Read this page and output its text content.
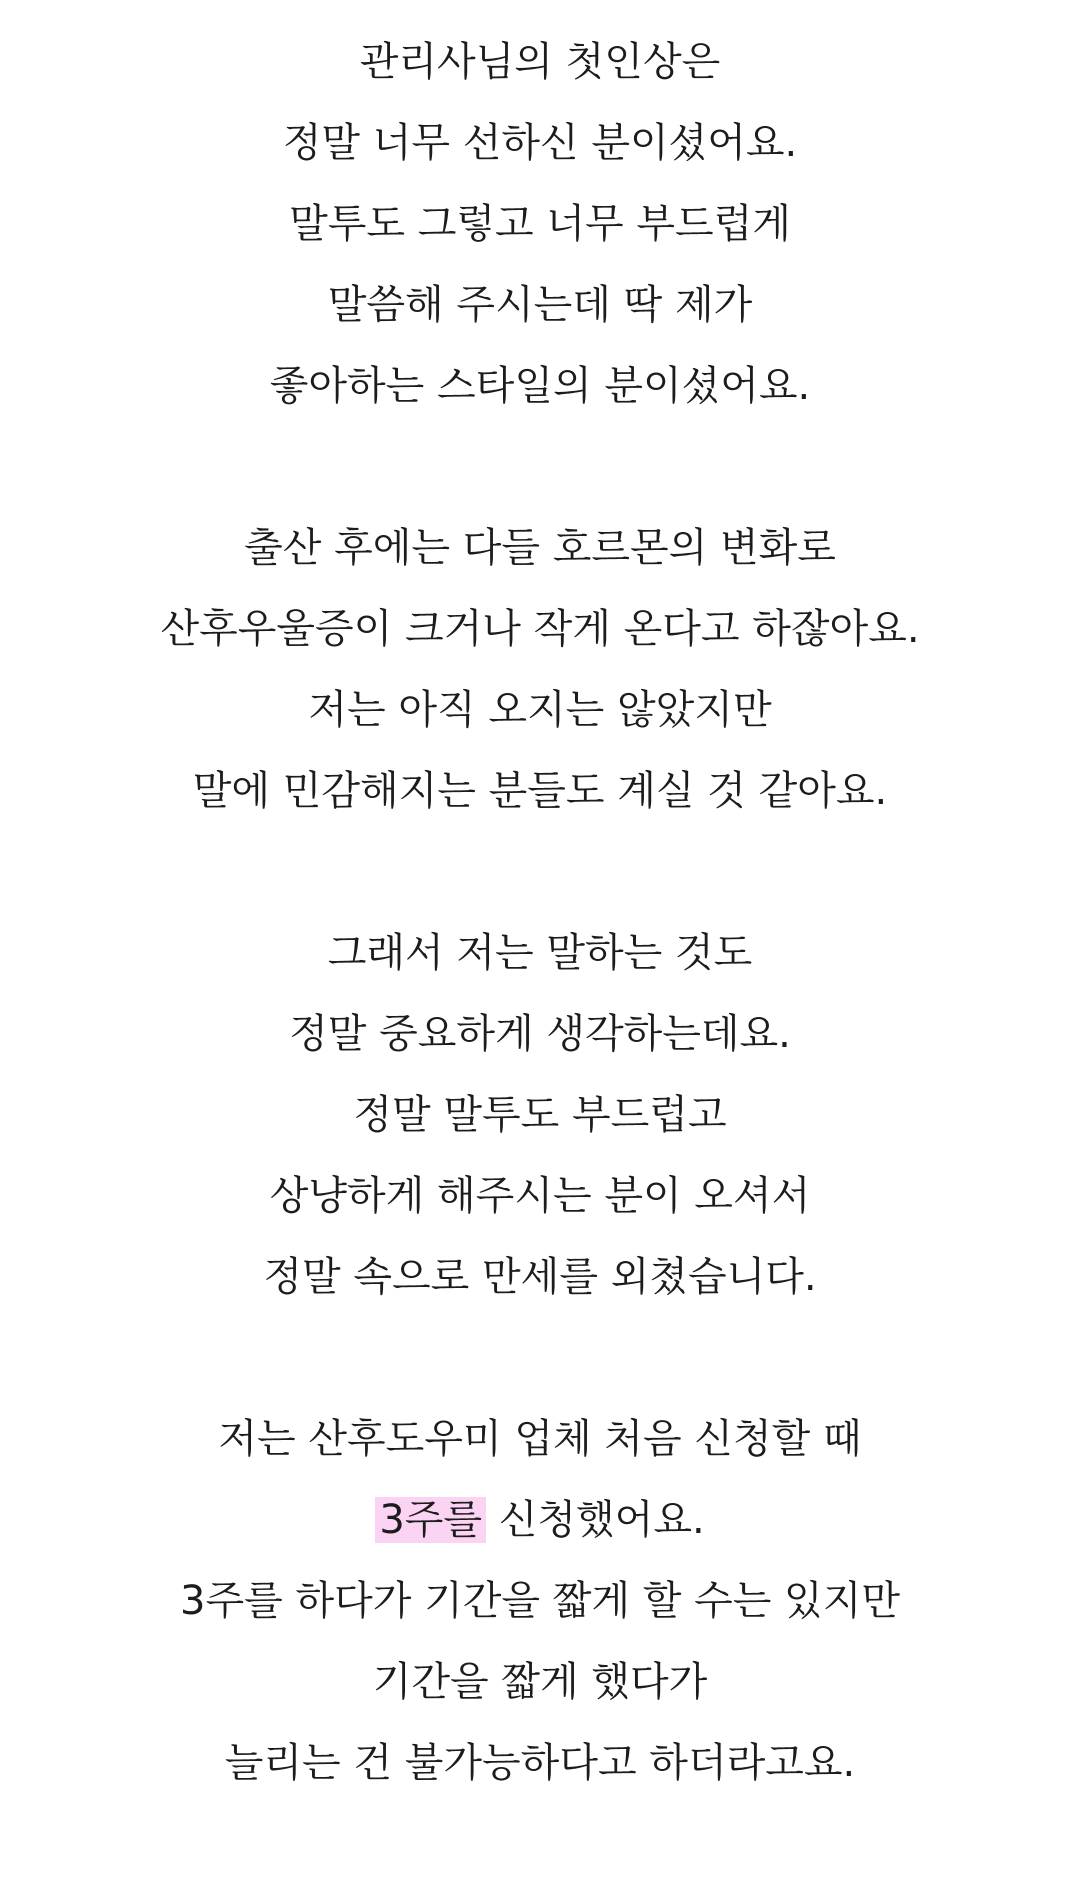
관리사님의 첫인상은
정말 너무 선하신 분이셨어요.
말투도 그렇고 너무 부드럽게
말씀해 주시는데 딱 제가
좋아하는 스타일의 분이셨어요.
출산 후에는 다들 호르몬의 변화로
산후우울증이 크거나 작게 온다고 하잖아요.
저는 아직 오지는 않았지만
말에 민감해지는 분들도 계실 것 같아요.
그래서 저는 말하는 것도
정말 중요하게 생각하는데요.
정말 말투도 부드럽고
상냥하게 해주시는 분이 오셔서
정말 속으로 만세를 외쳤습니다.
저는 산후도우미 업체 처음 신청할 때
3주를 신청했어요.
3주를 하다가 기간을 짧게 할 수는 있지만
기간을 짧게 했다가
늘리는 건 불가능하다고 하더라고요.
